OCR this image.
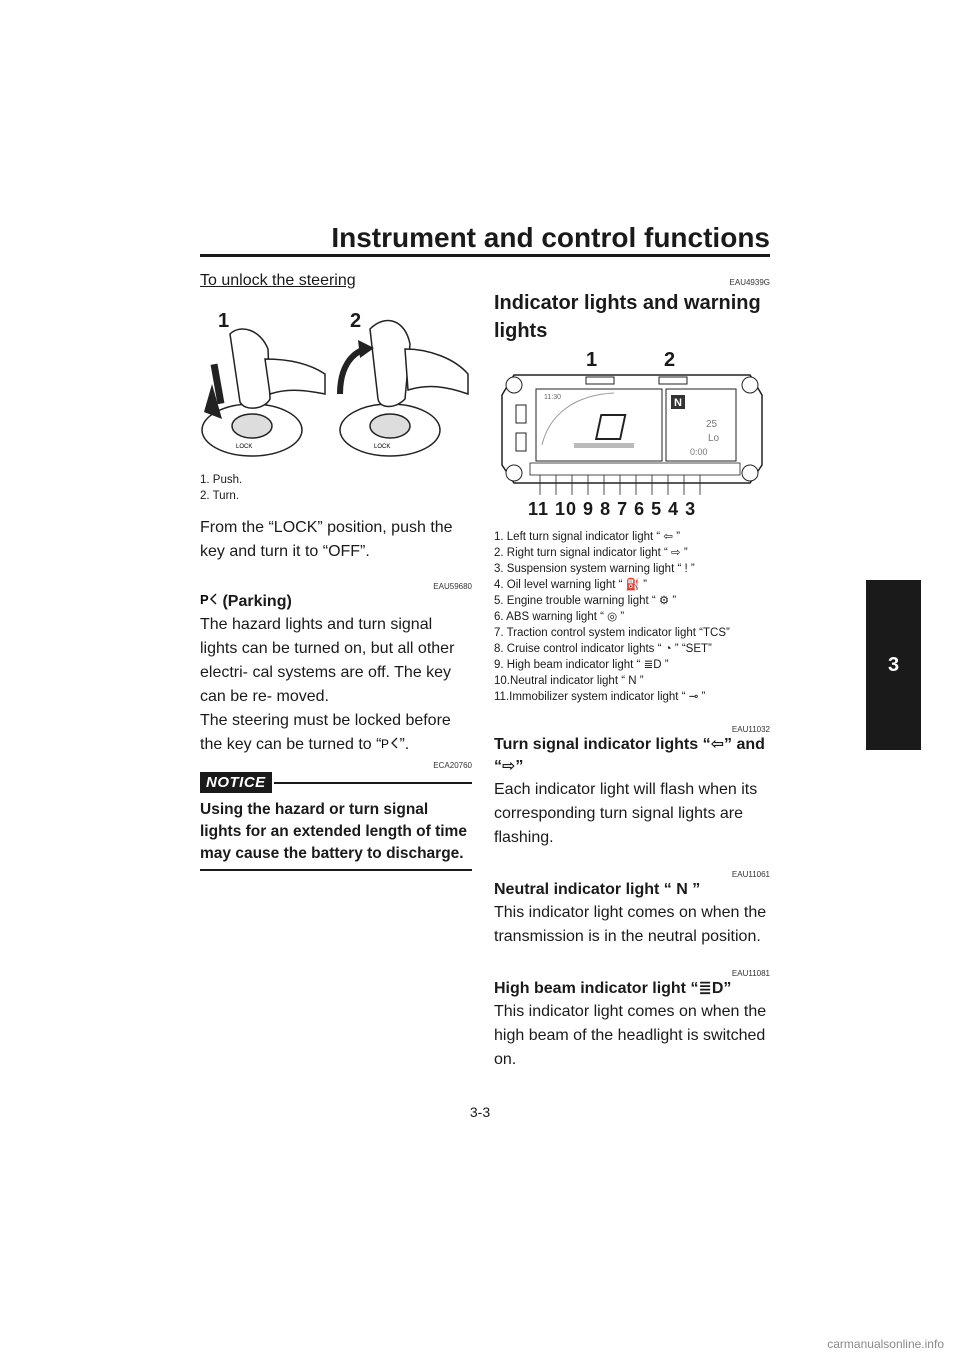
Instrument and control functions
3
To unlock the steering
1	2
LOCK	LOCK
1. Push.
2. Turn.
From the “LOCK” position, push the key and turn it to “OFF”.
EAU59680
P (Parking)
The hazard lights and turn signal lights can be turned on, but all other electri- cal systems are off. The key can be re- moved.
The steering must be locked before the key can be turned to “ P ”.
ECA20760
NOTICE
Using the hazard or turn signal lights for an extended length of time may cause the battery to discharge.
EAU4939G
Indicator lights and warning lights
1	2
11:30	N
25
Lo
0:00
11 10 9 8 7 6 5 4 3
1. Left turn signal indicator light “ ⇦ ”
2. Right turn signal indicator light “ ⇨ ”
3. Suspension system warning light “ ! ”
4. Oil level warning light “ ⛽ ”
5. Engine trouble warning light “ ⚙ ”
6. ABS warning light “ ◎ ”
7. Traction control system indicator light “TCS”
8. Cruise control indicator lights “ ◔ ” “SET”
9. High beam indicator light “ ≣D ”
10.Neutral indicator light “ N ”
11.Immobilizer system indicator light “ ⊸ ”
EAU11032
Turn signal indicator lights “⇦” and “⇨”
Each indicator light will flash when its corresponding turn signal lights are flashing.
EAU11061
Neutral indicator light “ N ”
This indicator light comes on when the transmission is in the neutral position.
EAU11081
High beam indicator light “≣D”
This indicator light comes on when the high beam of the headlight is switched on.
3-3
carmanualsonline.info
